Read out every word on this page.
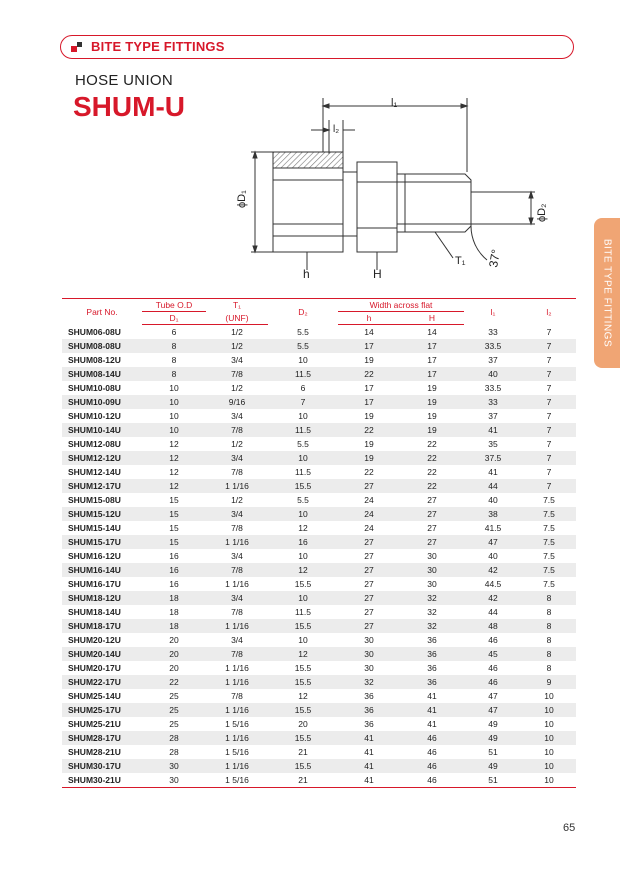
BITE TYPE FITTINGS
HOSE UNION
SHUM-U
BITE TYPE FITTINGS
l₁
l₂
ϕD₁
ϕD₂
h	H
T₁ 37°
Part No.	Tube O.D	T₁	D₂	Width across flat		l₁	l₂
	D₁	(UNF)		h	H		
SHUM06-08U	6	1/2	5.5	14	14	33	7
SHUM08-08U	8	1/2	5.5	17	17	33.5	7
SHUM08-12U	8	3/4	10	19	17	37	7
SHUM08-14U	8	7/8	11.5	22	17	40	7
SHUM10-08U	10	1/2	6	17	19	33.5	7
SHUM10-09U	10	9/16	7	17	19	33	7
SHUM10-12U	10	3/4	10	19	19	37	7
SHUM10-14U	10	7/8	11.5	22	19	41	7
SHUM12-08U	12	1/2	5.5	19	22	35	7
SHUM12-12U	12	3/4	10	19	22	37.5	7
SHUM12-14U	12	7/8	11.5	22	22	41	7
SHUM12-17U	12	1 1/16	15.5	27	22	44	7
SHUM15-08U	15	1/2	5.5	24	27	40	7.5
SHUM15-12U	15	3/4	10	24	27	38	7.5
SHUM15-14U	15	7/8	12	24	27	41.5	7.5
SHUM15-17U	15	1 1/16	16	27	27	47	7.5
SHUM16-12U	16	3/4	10	27	30	40	7.5
SHUM16-14U	16	7/8	12	27	30	42	7.5
SHUM16-17U	16	1 1/16	15.5	27	30	44.5	7.5
SHUM18-12U	18	3/4	10	27	32	42	8
SHUM18-14U	18	7/8	11.5	27	32	44	8
SHUM18-17U	18	1 1/16	15.5	27	32	48	8
SHUM20-12U	20	3/4	10	30	36	46	8
SHUM20-14U	20	7/8	12	30	36	45	8
SHUM20-17U	20	1 1/16	15.5	30	36	46	8
SHUM22-17U	22	1 1/16	15.5	32	36	46	9
SHUM25-14U	25	7/8	12	36	41	47	10
SHUM25-17U	25	1 1/16	15.5	36	41	47	10
SHUM25-21U	25	1 5/16	20	36	41	49	10
SHUM28-17U	28	1 1/16	15.5	41	46	49	10
SHUM28-21U	28	1 5/16	21	41	46	51	10
SHUM30-17U	30	1 1/16	15.5	41	46	49	10
SHUM30-21U	30	1 5/16	21	41	46	51	10
65
